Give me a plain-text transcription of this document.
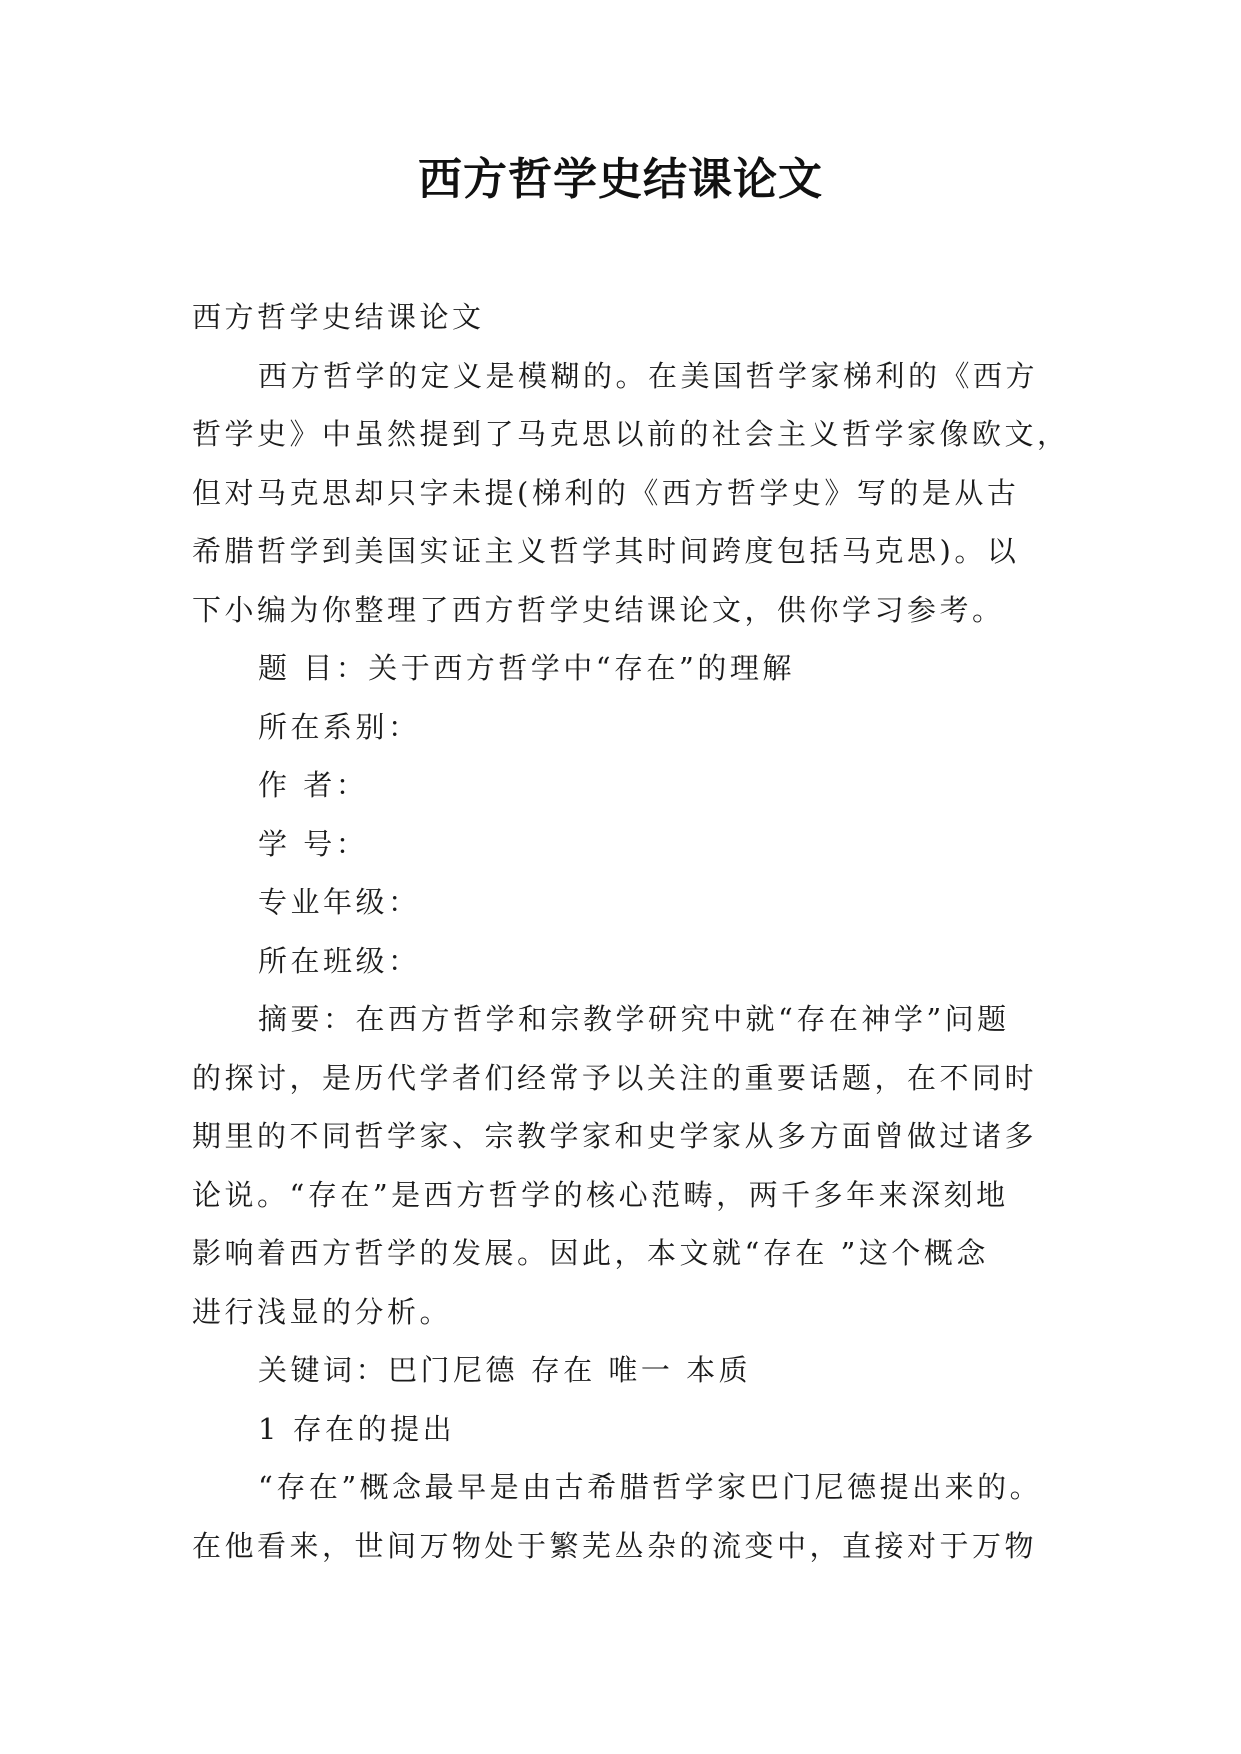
西方哲学史结课论文
西方哲学史结课论文
西方哲学的定义是模糊的。在美国哲学家梯利的《西方
哲学史》中虽然提到了马克思以前的社会主义哲学家像欧文，
但对马克思却只字未提(梯利的《西方哲学史》写的是从古
希腊哲学到美国实证主义哲学其时间跨度包括马克思)。以
下小编为你整理了西方哲学史结课论文，供你学习参考。
题 目：关于西方哲学中“存在”的理解
所在系别：
作 者：
学 号：
专业年级：
所在班级：
摘要：在西方哲学和宗教学研究中就“存在神学”问题
的探讨，是历代学者们经常予以关注的重要话题，在不同时
期里的不同哲学家、宗教学家和史学家从多方面曾做过诸多
论说。“存在”是西方哲学的核心范畴，两千多年来深刻地
影响着西方哲学的发展。因此，本文就“存在 ”这个概念
进行浅显的分析。
关键词：巴门尼德 存在 唯一 本质
1 存在的提出
“存在”概念最早是由古希腊哲学家巴门尼德提出来的。
在他看来，世间万物处于繁芜丛杂的流变中，直接对于万物
